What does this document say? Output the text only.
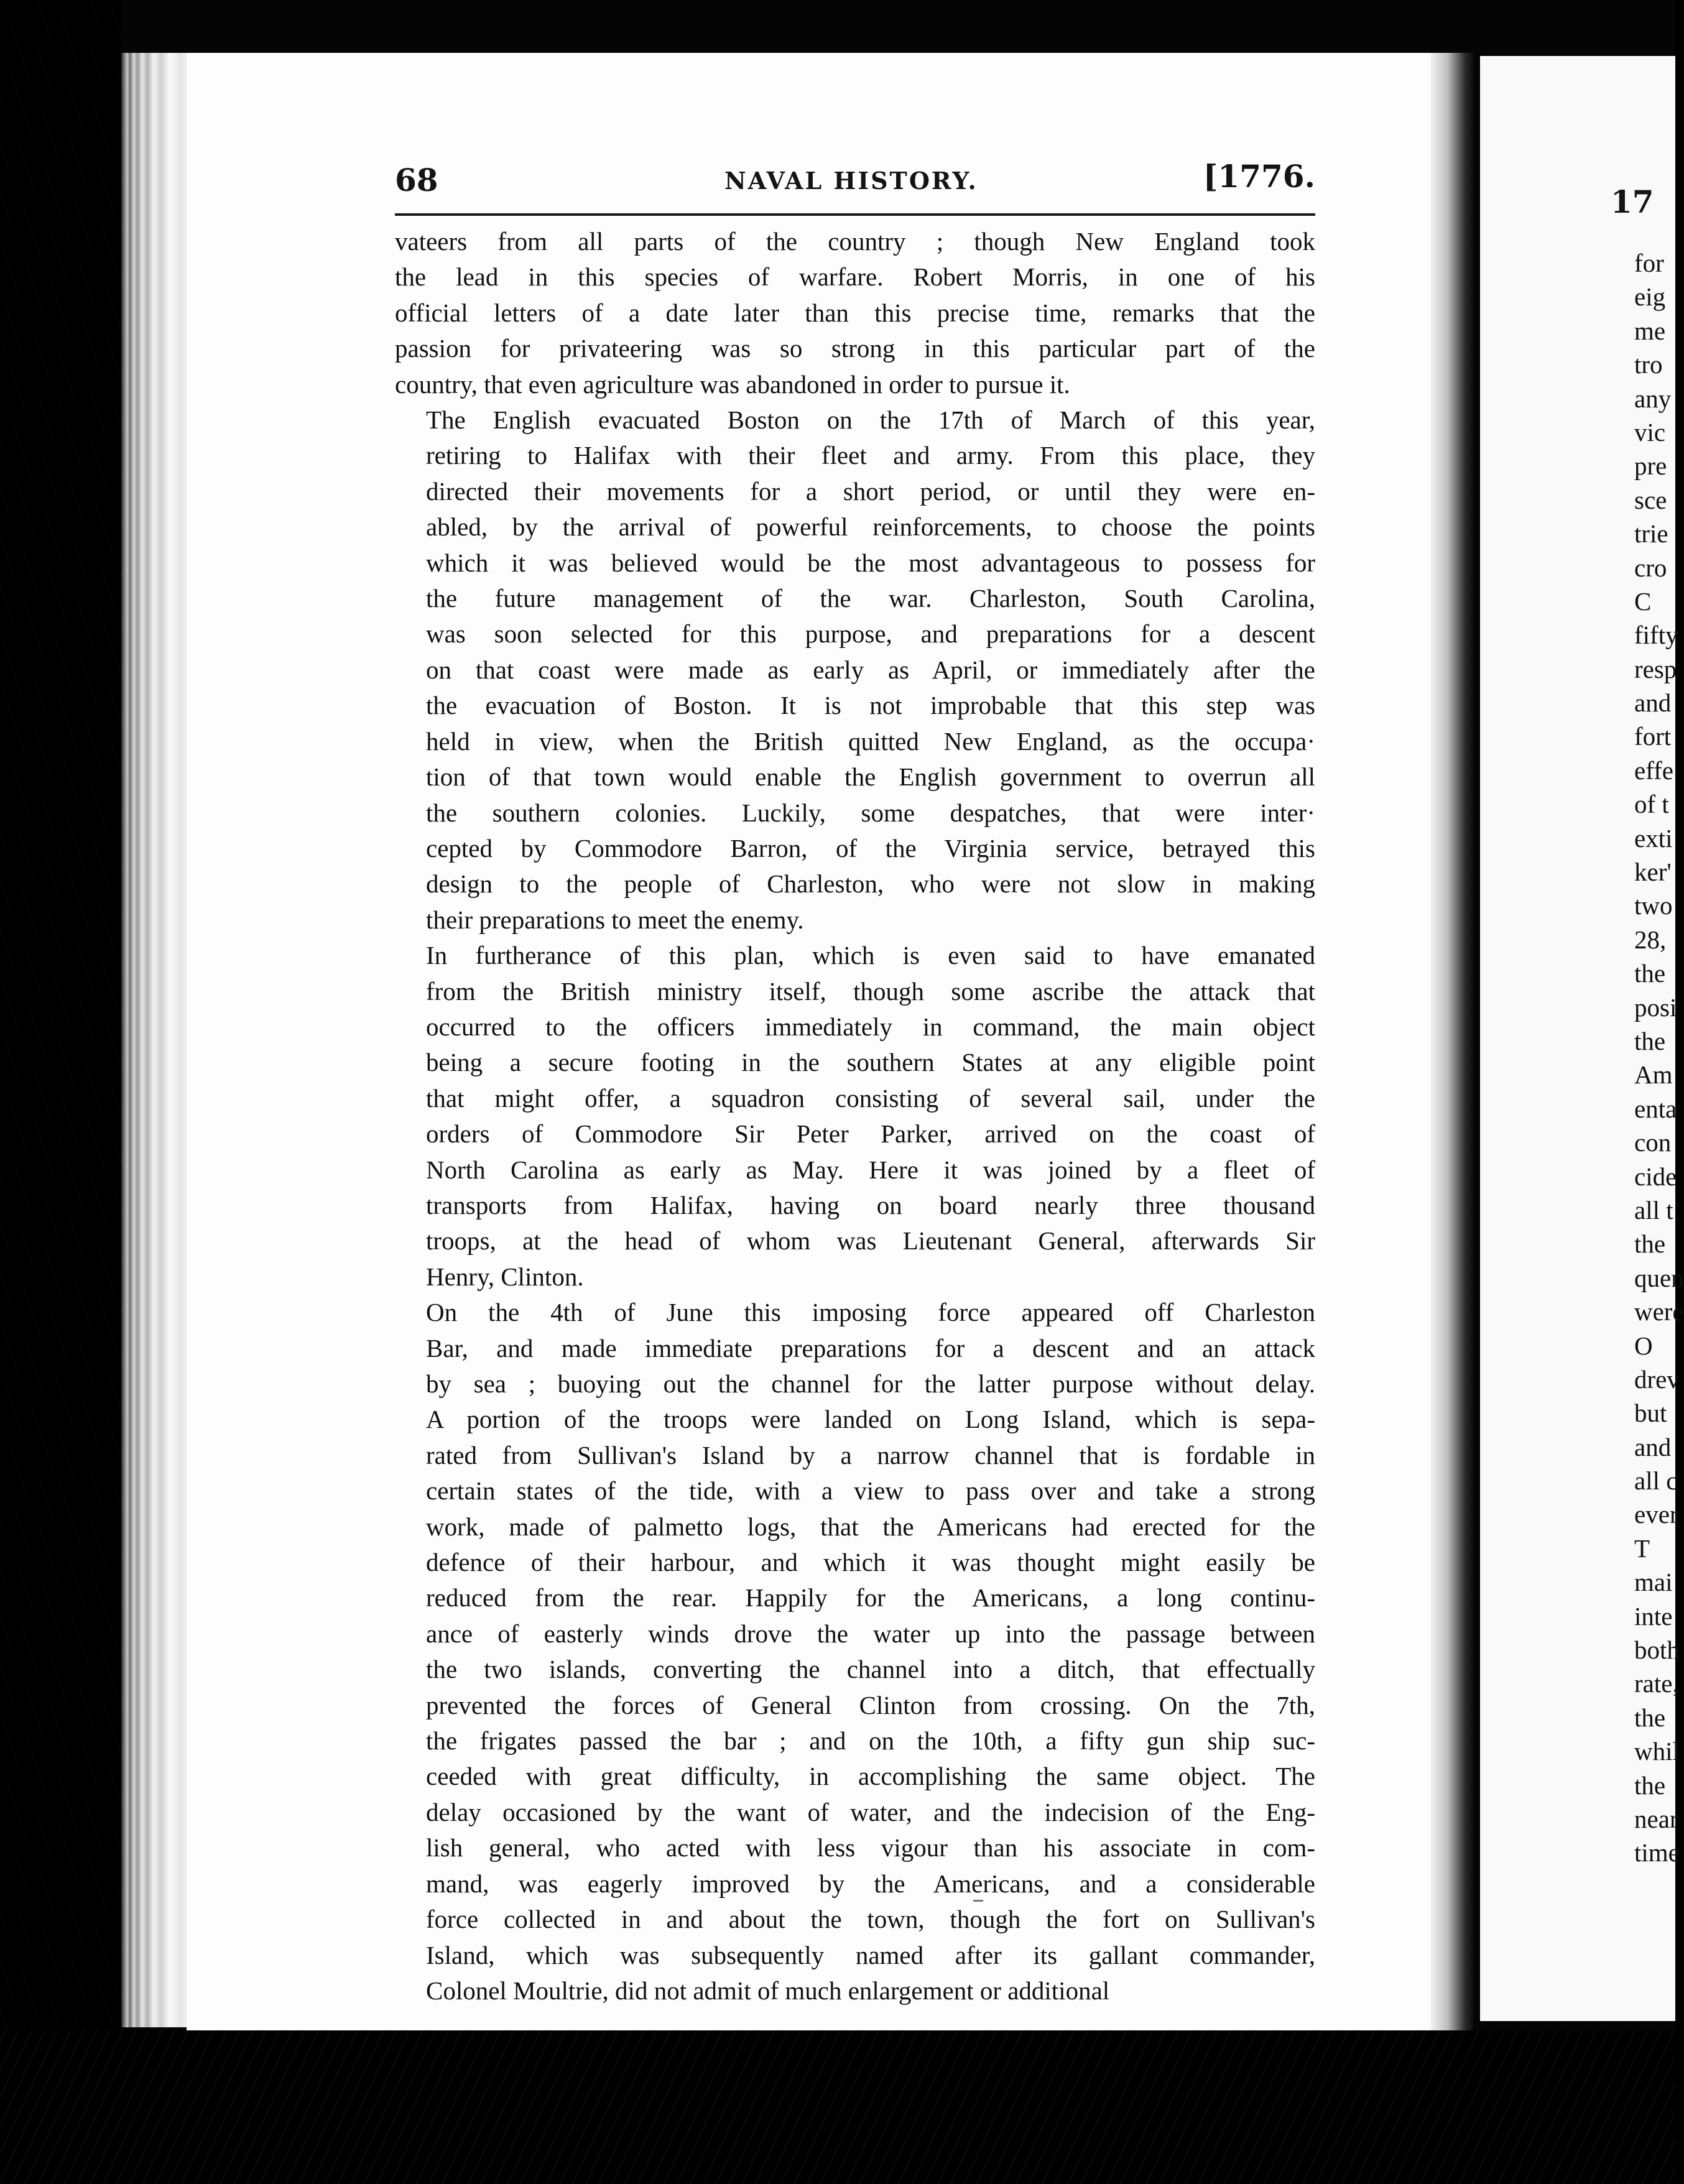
68	NAVAL HISTORY.	[1776.

vateers from all parts of the country ; though New England took
the lead in this species of warfare. Robert Morris, in one of his
official letters of a date later than this precise time, remarks that the
passion for privateering was so strong in this particular part of the
country, that even agriculture was abandoned in order to pursue it.

The English evacuated Boston on the 17th of March of this year,
retiring to Halifax with their fleet and army. From this place, they
directed their movements for a short period, or until they were en-
abled, by the arrival of powerful reinforcements, to choose the points
which it was believed would be the most advantageous to possess for
the future management of the war. Charleston, South Carolina,
was soon selected for this purpose, and preparations for a descent
on that coast were made as early as April, or immediately after the
the evacuation of Boston. It is not improbable that this step was
held in view, when the British quitted New England, as the occupa·
tion of that town would enable the English government to overrun all
the southern colonies. Luckily, some despatches, that were inter·
cepted by Commodore Barron, of the Virginia service, betrayed this
design to the people of Charleston, who were not slow in making
their preparations to meet the enemy.

In furtherance of this plan, which is even said to have emanated
from the British ministry itself, though some ascribe the attack that
occurred to the officers immediately in command, the main object
being a secure footing in the southern States at any eligible point
that might offer, a squadron consisting of several sail, under the
orders of Commodore Sir Peter Parker, arrived on the coast of
North Carolina as early as May. Here it was joined by a fleet of
transports from Halifax, having on board nearly three thousand
troops, at the head of whom was Lieutenant General, afterwards Sir
Henry, Clinton.

On the 4th of June this imposing force appeared off Charleston
Bar, and made immediate preparations for a descent and an attack
by sea ; buoying out the channel for the latter purpose without delay.
A portion of the troops were landed on Long Island, which is sepa-
rated from Sullivan's Island by a narrow channel that is fordable in
certain states of the tide, with a view to pass over and take a strong
work, made of palmetto logs, that the Americans had erected for the
defence of their harbour, and which it was thought might easily be
reduced from the rear. Happily for the Americans, a long continu-
ance of easterly winds drove the water up into the passage between
the two islands, converting the channel into a ditch, that effectually
prevented the forces of General Clinton from crossing. On the 7th,
the frigates passed the bar ; and on the 10th, a fifty gun ship suc-
ceeded with great difficulty, in accomplishing the same object. The
delay occasioned by the want of water, and the indecision of the Eng-
lish general, who acted with less vigour than his associate in com-
mand, was eagerly improved by the Americans, and a considerable
force collected in and about the town, though the fort on Sullivan's
Island, which was subsequently named after its gallant commander,
Colonel Moultrie, did not admit of much enlargement or additional

17
for
eig
me
tro
any
vic
pre
sce
trie
cro
C
fifty
resp
and
fort
effe
of t
exti
ker'
two
28,
the
posi
the
Am
enta
con
cide
all t
the
quen
were
O
drev
but
and
all c
ever
T
mai
inte
both
rate,
the
whil
the
near
time
